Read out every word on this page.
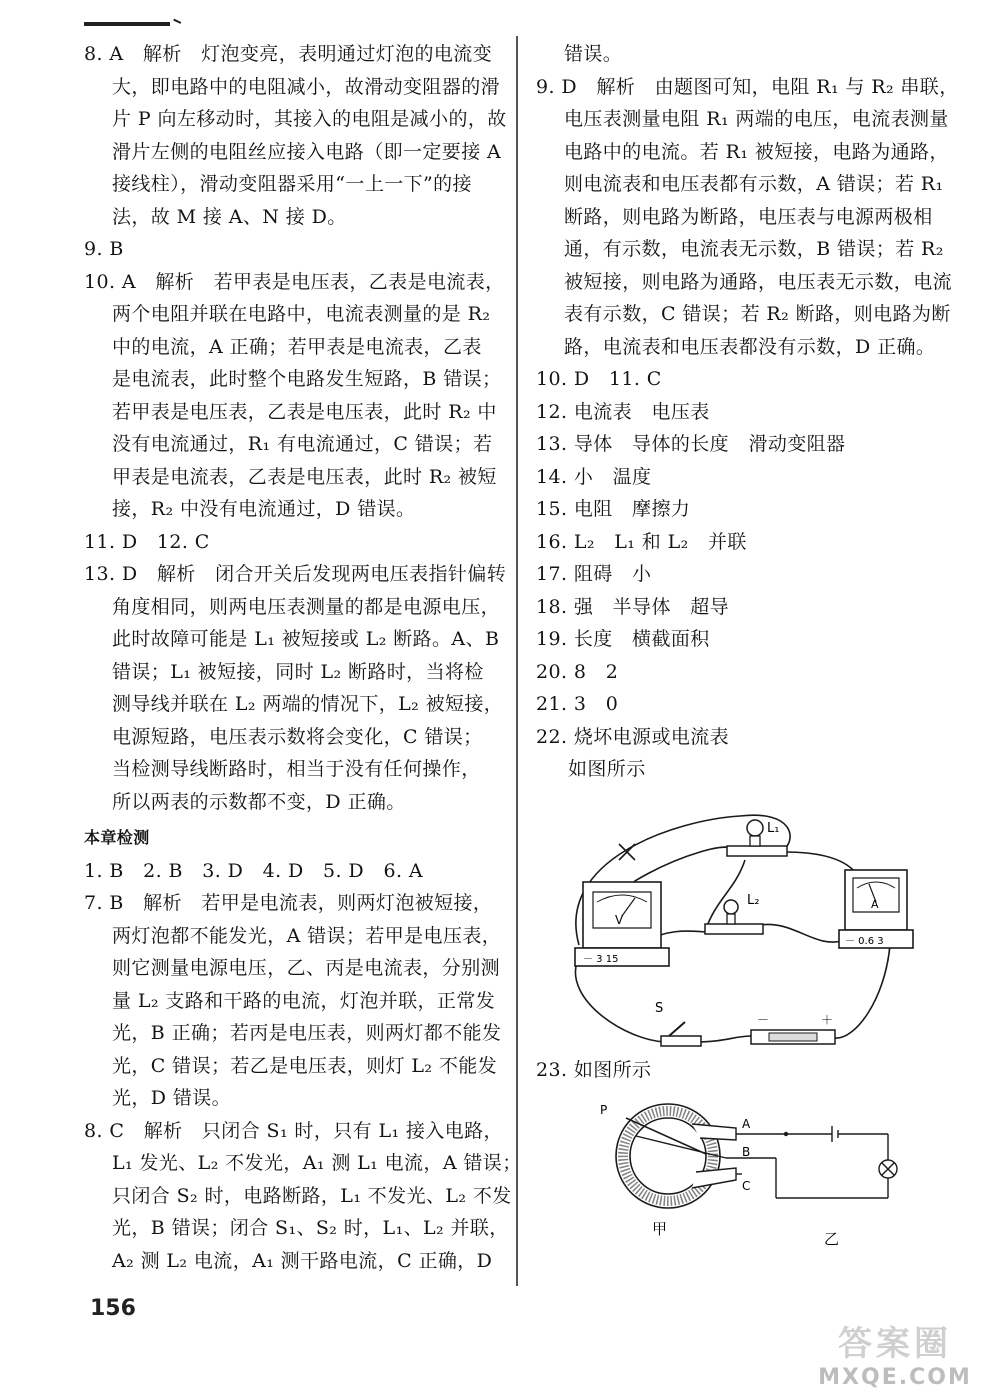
8. A　解析　灯泡变亮，表明通过灯泡的电流变
大，即电路中的电阻减小，故滑动变阻器的滑
片 P 向左移动时，其接入的电阻是减小的，故
滑片左侧的电阻丝应接入电路（即一定要接 A
接线柱），滑动变阻器采用“一上一下”的接
法，故 M 接 A、N 接 D。
9. B
10. A　解析　若甲表是电压表，乙表是电流表，
两个电阻并联在电路中，电流表测量的是 R₂
中的电流，A 正确；若甲表是电流表，乙表
是电流表，此时整个电路发生短路，B 错误；
若甲表是电压表，乙表是电压表，此时 R₂ 中
没有电流通过，R₁ 有电流通过，C 错误；若
甲表是电流表，乙表是电压表，此时 R₂ 被短
接，R₂ 中没有电流通过，D 错误。
11. D　12. C
13. D　解析　闭合开关后发现两电压表指针偏转
角度相同，则两电压表测量的都是电源电压，
此时故障可能是 L₁ 被短接或 L₂ 断路。A、B
错误；L₁ 被短接，同时 L₂ 断路时，当将检
测导线并联在 L₂ 两端的情况下，L₂ 被短接，
电源短路，电压表示数将会变化，C 错误；
当检测导线断路时，相当于没有任何操作，
所以两表的示数都不变，D 正确。
本章检测
1. B　2. B　3. D　4. D　5. D　6. A
7. B　解析　若甲是电流表，则两灯泡被短接，
两灯泡都不能发光，A 错误；若甲是电压表，
则它测量电源电压，乙、丙是电流表，分别测
量 L₂ 支路和干路的电流，灯泡并联，正常发
光，B 正确；若丙是电压表，则两灯都不能发
光，C 错误；若乙是电压表，则灯 L₂ 不能发
光，D 错误。
8. C　解析　只闭合 S₁ 时，只有 L₁ 接入电路，
L₁ 发光、L₂ 不发光，A₁ 测 L₁ 电流，A 错误；
只闭合 S₂ 时，电路断路，L₁ 不发光、L₂ 不发
光，B 错误；闭合 S₁、S₂ 时，L₁、L₂ 并联，
A₂ 测 L₂ 电流，A₁ 测干路电流，C 正确，D
错误。
9. D　解析　由题图可知，电阻 R₁ 与 R₂ 串联，
电压表测量电阻 R₁ 两端的电压，电流表测量
电路中的电流。若 R₁ 被短接，电路为通路，
则电流表和电压表都有示数，A 错误；若 R₁
断路，则电路为断路，电压表与电源两极相
通，有示数，电流表无示数，B 错误；若 R₂
被短接，则电路为通路，电压表无示数，电流
表有示数，C 错误；若 R₂ 断路，则电路为断
路，电流表和电压表都没有示数，D 正确。
10. D　11. C
12. 电流表　电压表
13. 导体　导体的长度　滑动变阻器
14. 小　温度
15. 电阻　摩擦力
16. L₂　L₁ 和 L₂　并联
17. 阻碍　小
18. 强　半导体　超导
19. 长度　横截面积
20. 8　2
21. 3　0
22. 烧坏电源或电流表
如图所示
V
－ 3 15
A
－ 0.6 3
L₁
L₂
S
－	＋
23. 如图所示
P
A
B
C
甲
乙
156
答案圈
MXQE.COM
